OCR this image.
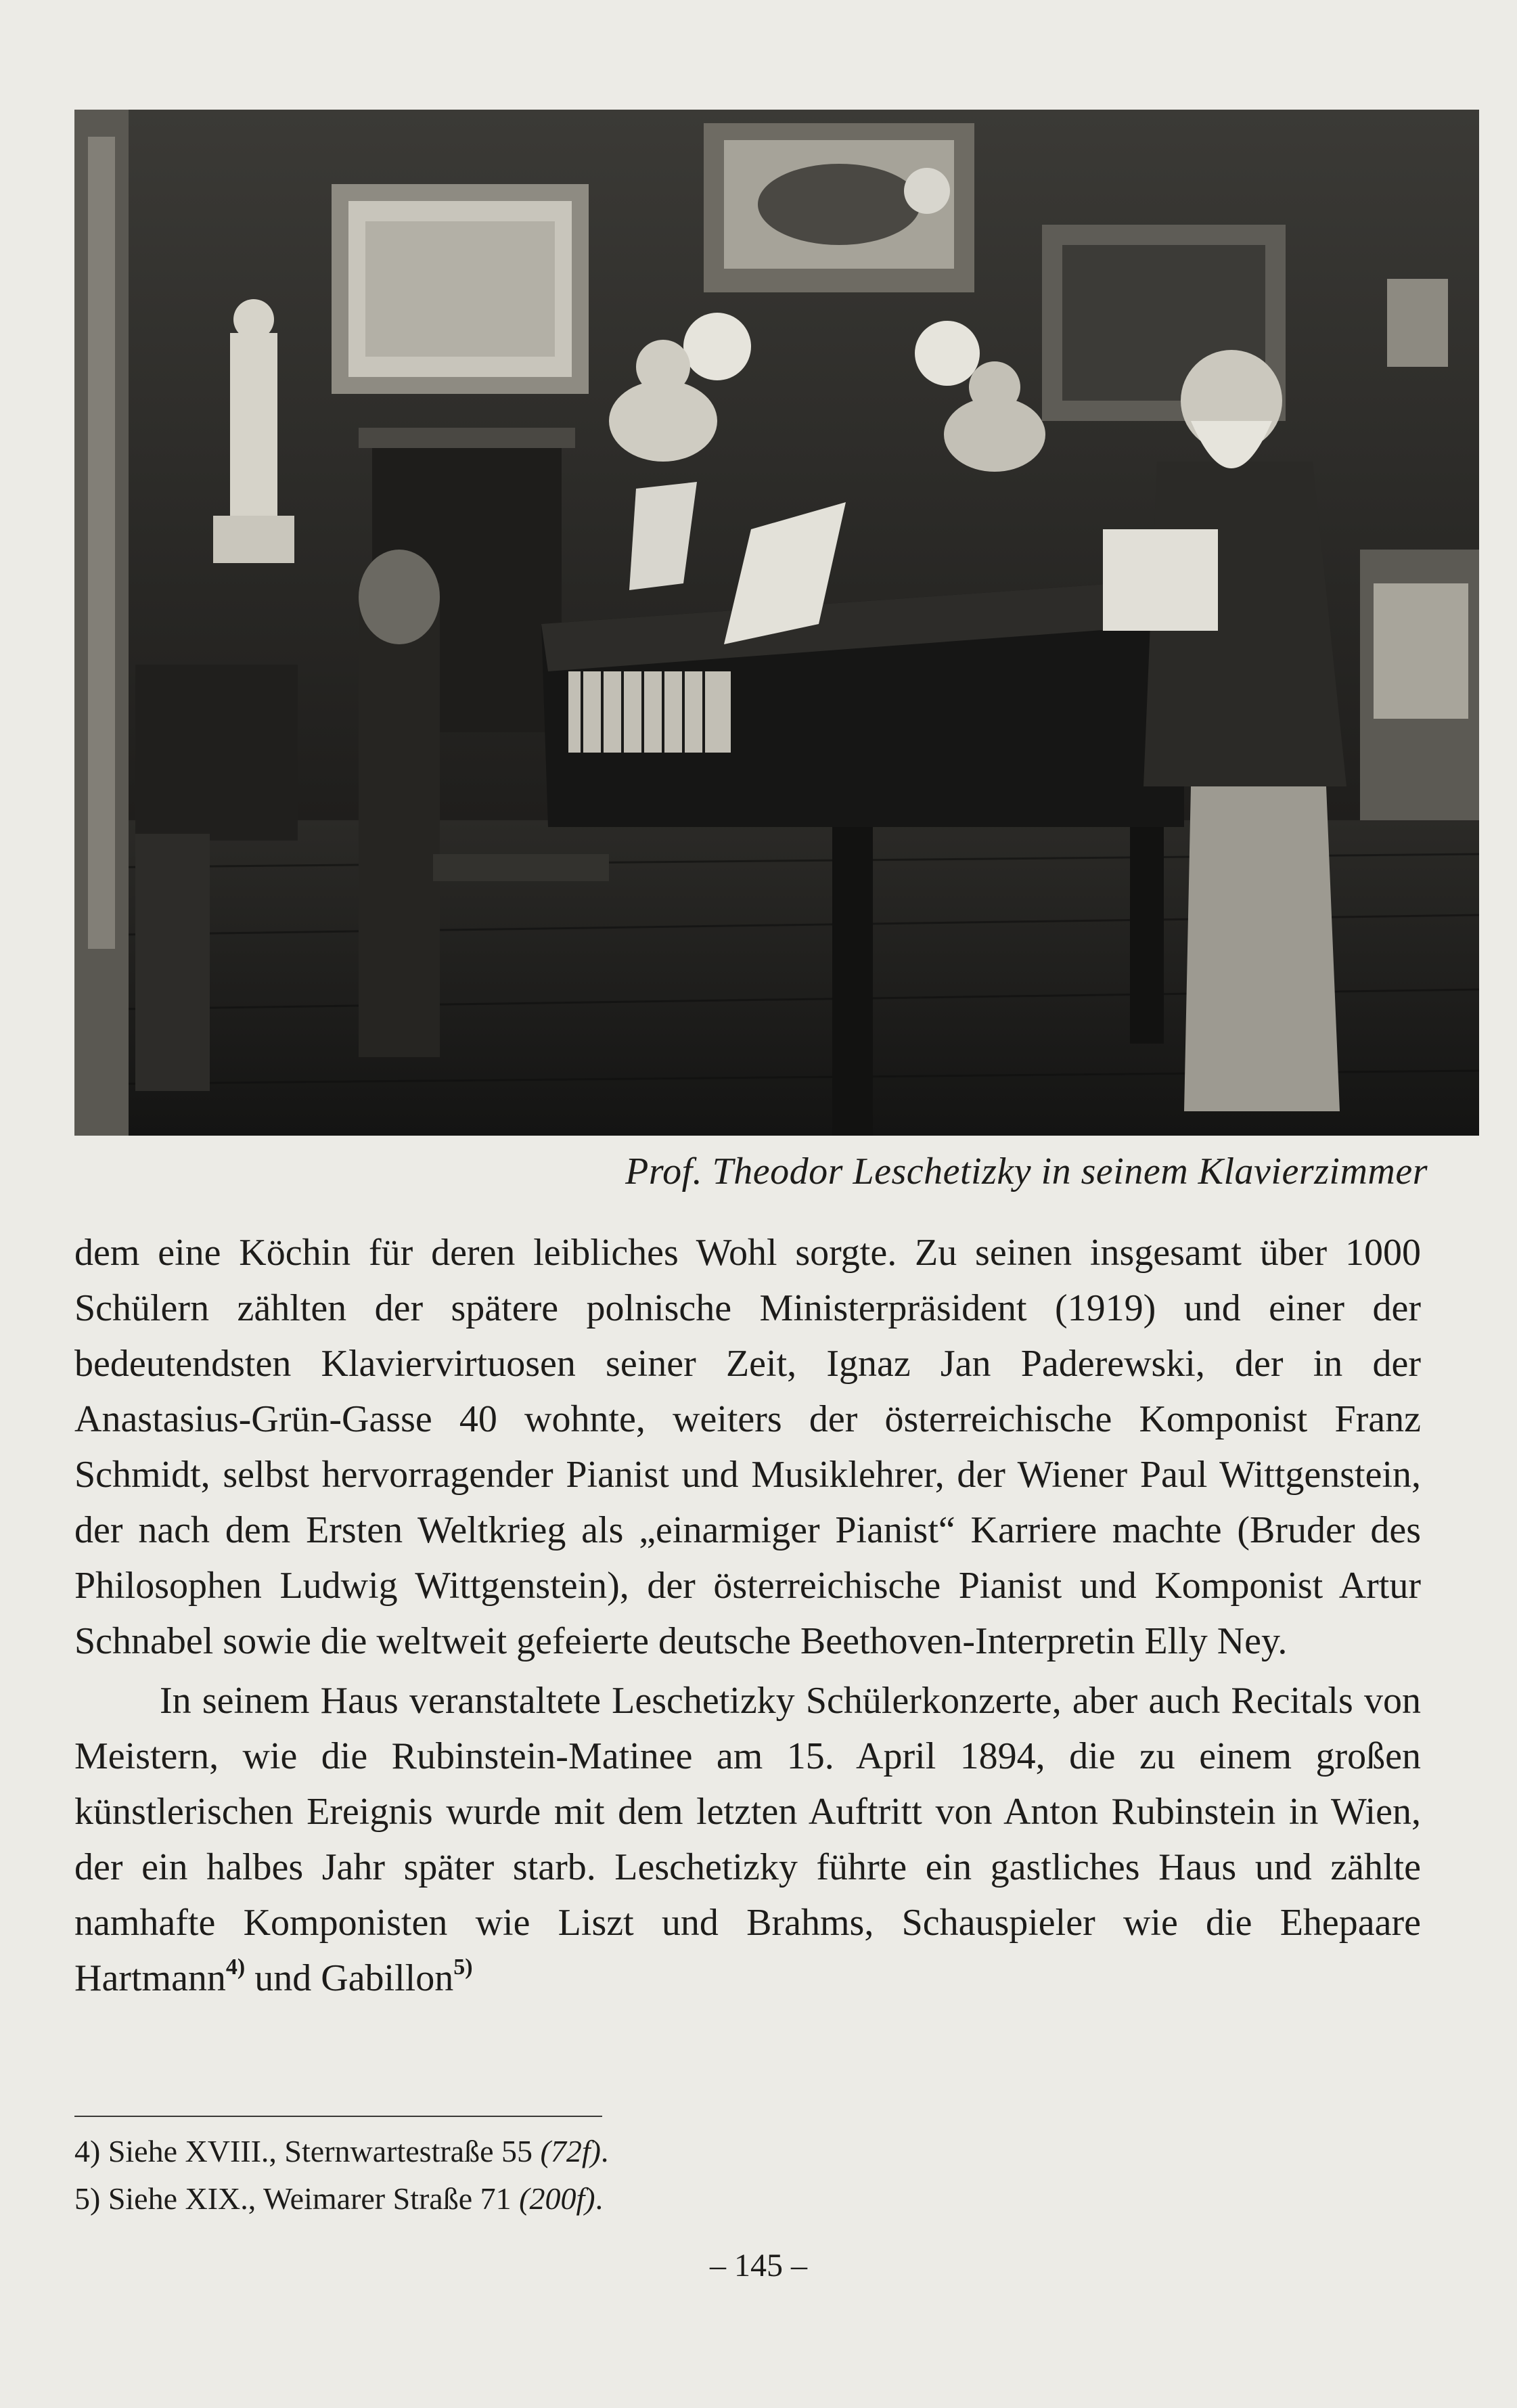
Prof. Theodor Leschetizky in seinem Klavierzimmer

dem eine Köchin für deren leibliches Wohl sorgte. Zu seinen insgesamt über 1000 Schülern zählten der spätere polnische Ministerpräsident (1919) und einer der bedeutendsten Klaviervirtuosen seiner Zeit, Ignaz Jan Paderewski, der in der Anastasius-Grün-Gasse 40 wohnte, weiters der österreichische Komponist Franz Schmidt, selbst hervorragender Pianist und Musiklehrer, der Wiener Paul Wittgenstein, der nach dem Ersten Weltkrieg als „einarmiger Pianist“ Karriere machte (Bruder des Philosophen Ludwig Wittgenstein), der österreichische Pianist und Komponist Artur Schnabel sowie die weltweit gefeierte deutsche Beethoven-Interpretin Elly Ney.

In seinem Haus veranstaltete Leschetizky Schülerkonzerte, aber auch Recitals von Meistern, wie die Rubinstein-Matinee am 15. April 1894, die zu einem großen künstlerischen Ereignis wurde mit dem letzten Auftritt von Anton Rubinstein in Wien, der ein halbes Jahr später starb. Leschetizky führte ein gastliches Haus und zählte namhafte Komponisten wie Liszt und Brahms, Schauspieler wie die Ehepaare Hartmann$^{4)}$ und Gabillon$^{5)}$

4) Siehe XVIII., Sternwartestraße 55 (72f).
5) Siehe XIX., Weimarer Straße 71 (200f).
– 145 –
